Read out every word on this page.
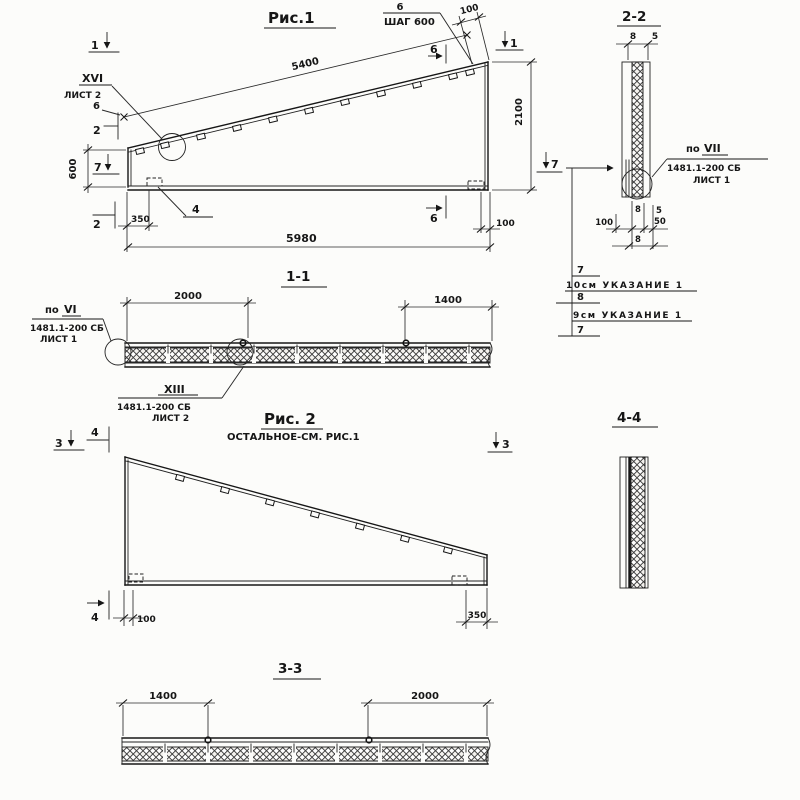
Рис.1
XVI
ЛИСТ 2
6
5400
6
ШАГ 600
100
4
600
350
5980
100
2100
1	1
2
2
7	7
6
6
2-2
8 5
по VII
1481.1-200 СБ
ЛИСТ 1
100
8 5
50
8
7
10см УКАЗАНИЕ 1
8
9см УКАЗАНИЕ 1
7
1-1
2000	1400
по VI
1481.1-200 СБ
ЛИСТ 1
XIII
1481.1-200 СБ
ЛИСТ 2	Рис. 2
ОСТАЛЬНОЕ-СМ. РИС.1
100	350
3
4
4
3
4-4
3-3
1400	2000
